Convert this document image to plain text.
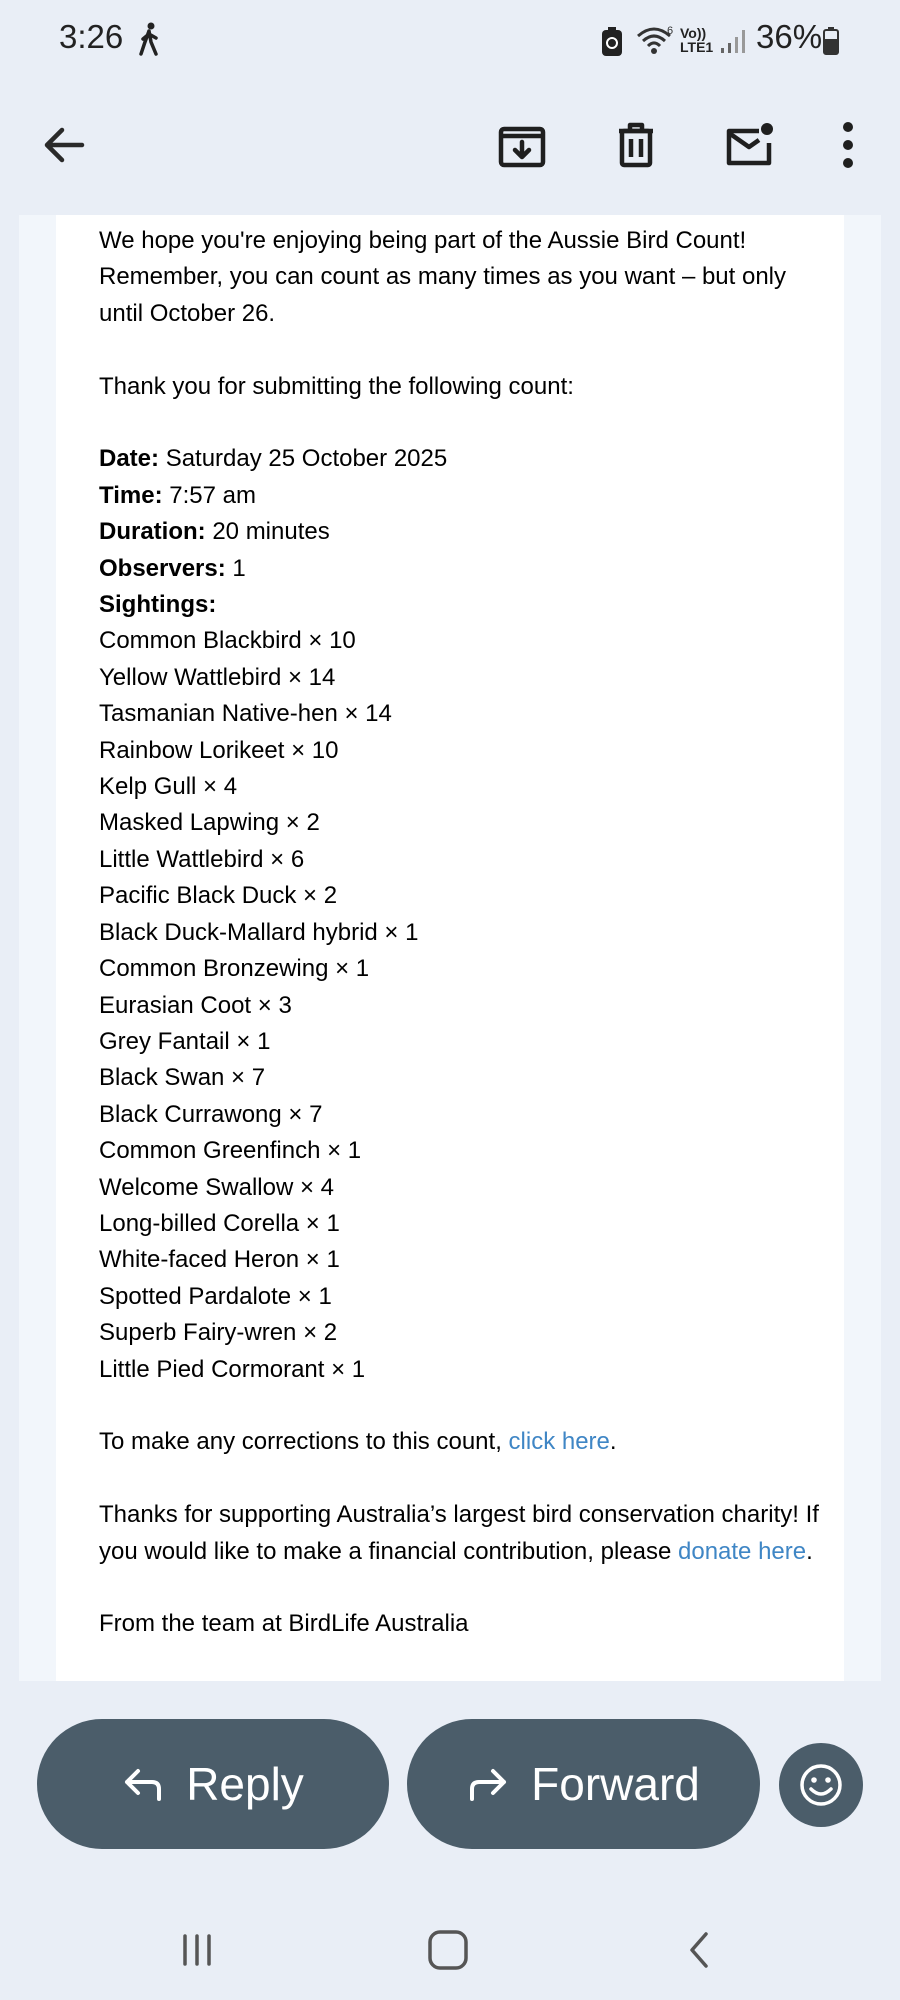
3:26	6 Vo))
LTE1 36%

We hope you're enjoying being part of the Aussie Bird Count! Remember, you can count as many times as you want – but only until October 26.

Thank you for submitting the following count:

Date: Saturday 25 October 2025

Time: 7:57 am

Duration: 20 minutes

Observers: 1

Sightings:

Common Blackbird × 10
Yellow Wattlebird × 14
Tasmanian Native-hen × 14
Rainbow Lorikeet × 10
Kelp Gull × 4
Masked Lapwing × 2
Little Wattlebird × 6
Pacific Black Duck × 2
Black Duck-Mallard hybrid × 1
Common Bronzewing × 1
Eurasian Coot × 3
Grey Fantail × 1
Black Swan × 7
Black Currawong × 7
Common Greenfinch × 1
Welcome Swallow × 4
Long-billed Corella × 1
White-faced Heron × 1
Spotted Pardalote × 1
Superb Fairy-wren × 2
Little Pied Cormorant × 1

To make any corrections to this count, click here.

Thanks for supporting Australia’s largest bird conservation charity! If you would like to make a financial contribution, please donate here.

From the team at BirdLife Australia

Reply	Forward
